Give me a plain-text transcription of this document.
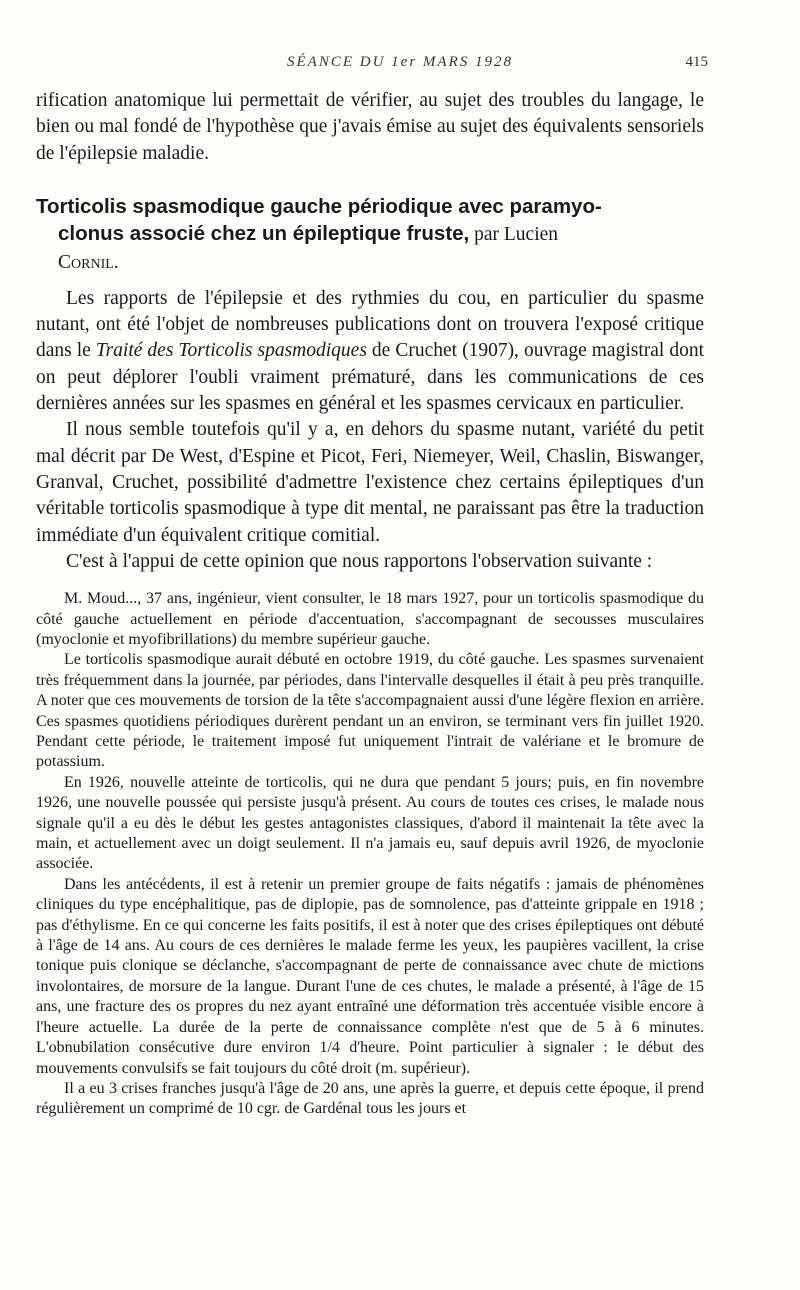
SÉANCE DU 1er MARS 1928	415

rification anatomique lui permettait de vérifier, au sujet des troubles du langage, le bien ou mal fondé de l'hypothèse que j'avais émise au sujet des équivalents sensoriels de l'épilepsie maladie.

Torticolis spasmodique gauche périodique avec paramyo-
clonus associé chez un épileptique fruste, par Lucien
Cornil.

Les rapports de l'épilepsie et des rythmies du cou, en particulier du spasme nutant, ont été l'objet de nombreuses publications dont on trouvera l'exposé critique dans le Traité des Torticolis spasmodiques de Cruchet (1907), ouvrage magistral dont on peut déplorer l'oubli vraiment prématuré, dans les communications de ces dernières années sur les spasmes en général et les spasmes cervicaux en particulier.

Il nous semble toutefois qu'il y a, en dehors du spasme nutant, variété du petit mal décrit par De West, d'Espine et Picot, Feri, Niemeyer, Weil, Chaslin, Biswanger, Granval, Cruchet, possibilité d'admettre l'existence chez certains épileptiques d'un véritable torticolis spasmodique à type dit mental, ne paraissant pas être la traduction immédiate d'un équivalent critique comitial.

C'est à l'appui de cette opinion que nous rapportons l'observation suivante :

M. Moud..., 37 ans, ingénieur, vient consulter, le 18 mars 1927, pour un torticolis spasmodique du côté gauche actuellement en période d'accentuation, s'accompagnant de secousses musculaires (myoclonie et myofibrillations) du membre supérieur gauche.

Le torticolis spasmodique aurait débuté en octobre 1919, du côté gauche. Les spasmes survenaient très fréquemment dans la journée, par périodes, dans l'intervalle desquelles il était à peu près tranquille. A noter que ces mouvements de torsion de la tête s'accompagnaient aussi d'une légère flexion en arrière. Ces spasmes quotidiens périodiques durèrent pendant un an environ, se terminant vers fin juillet 1920. Pendant cette période, le traitement imposé fut uniquement l'intrait de valériane et le bromure de potassium.

En 1926, nouvelle atteinte de torticolis, qui ne dura que pendant 5 jours; puis, en fin novembre 1926, une nouvelle poussée qui persiste jusqu'à présent. Au cours de toutes ces crises, le malade nous signale qu'il a eu dès le début les gestes antagonistes classiques, d'abord il maintenait la tête avec la main, et actuellement avec un doigt seulement. Il n'a jamais eu, sauf depuis avril 1926, de myoclonie associée.

Dans les antécédents, il est à retenir un premier groupe de faits négatifs : jamais de phénomènes cliniques du type encéphalitique, pas de diplopie, pas de somnolence, pas d'atteinte grippale en 1918 ; pas d'éthylisme. En ce qui concerne les faits positifs, il est à noter que des crises épileptiques ont débuté à l'âge de 14 ans. Au cours de ces dernières le malade ferme les yeux, les paupières vacillent, la crise tonique puis clonique se déclanche, s'accompagnant de perte de connaissance avec chute de mictions involontaires, de morsure de la langue. Durant l'une de ces chutes, le malade a présenté, à l'âge de 15 ans, une fracture des os propres du nez ayant entraîné une déformation très accentuée visible encore à l'heure actuelle. La durée de la perte de connaissance complète n'est que de 5 à 6 minutes. L'obnubilation consécutive dure environ 1/4 d'heure. Point particulier à signaler : le début des mouvements convulsifs se fait toujours du côté droit (m. supérieur).

Il a eu 3 crises franches jusqu'à l'âge de 20 ans, une après la guerre, et depuis cette époque, il prend régulièrement un comprimé de 10 cgr. de Gardénal tous les jours et
